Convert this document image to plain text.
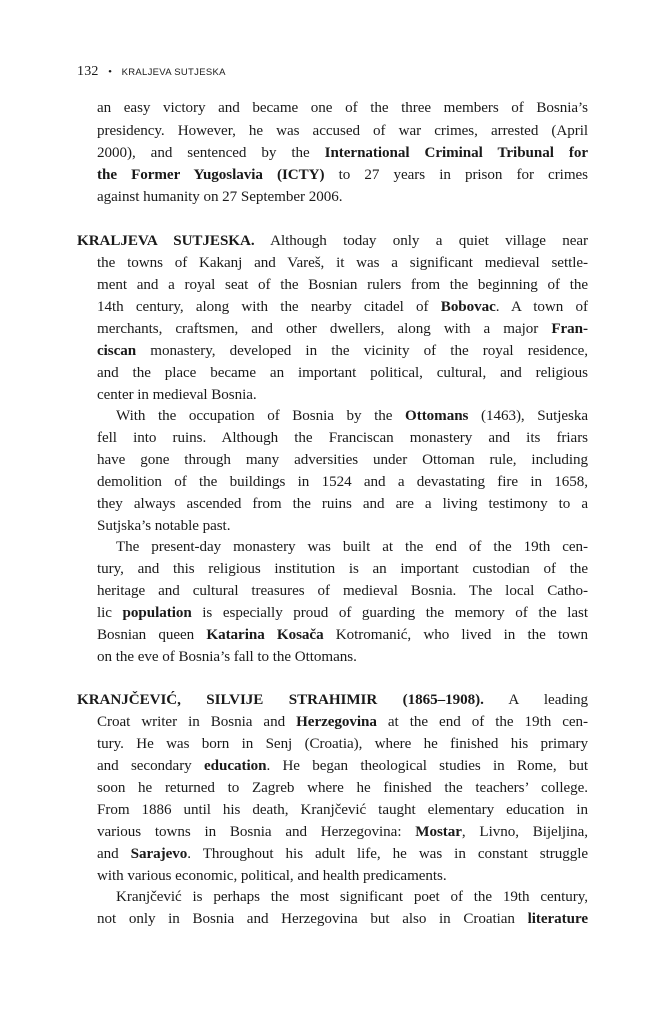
132 • KRALJEVA SUTJESKA
an easy victory and became one of the three members of Bosnia’s
presidency. However, he was accused of war crimes, arrested (April
2000), and sentenced by the International Criminal Tribunal for
the Former Yugoslavia (ICTY) to 27 years in prison for crimes
against humanity on 27 September 2006.
KRALJEVA SUTJESKA. Although today only a quiet village near
the towns of Kakanj and Vareš, it was a significant medieval settle-
ment and a royal seat of the Bosnian rulers from the beginning of the
14th century, along with the nearby citadel of Bobovac. A town of
merchants, craftsmen, and other dwellers, along with a major Fran-
ciscan monastery, developed in the vicinity of the royal residence,
and the place became an important political, cultural, and religious
center in medieval Bosnia.
With the occupation of Bosnia by the Ottomans (1463), Sutjeska
fell into ruins. Although the Franciscan monastery and its friars
have gone through many adversities under Ottoman rule, including
demolition of the buildings in 1524 and a devastating fire in 1658,
they always ascended from the ruins and are a living testimony to a
Sutjska’s notable past.
The present-day monastery was built at the end of the 19th cen-
tury, and this religious institution is an important custodian of the
heritage and cultural treasures of medieval Bosnia. The local Catho-
lic population is especially proud of guarding the memory of the last
Bosnian queen Katarina Kosača Kotromanić, who lived in the town
on the eve of Bosnia’s fall to the Ottomans.
KRANJČEVIĆ, SILVIJE STRAHIMIR (1865–1908). A leading
Croat writer in Bosnia and Herzegovina at the end of the 19th cen-
tury. He was born in Senj (Croatia), where he finished his primary
and secondary education. He began theological studies in Rome, but
soon he returned to Zagreb where he finished the teachers’ college.
From 1886 until his death, Kranjčević taught elementary education in
various towns in Bosnia and Herzegovina: Mostar, Livno, Bijeljina,
and Sarajevo. Throughout his adult life, he was in constant struggle
with various economic, political, and health predicaments.
Kranjčević is perhaps the most significant poet of the 19th century,
not only in Bosnia and Herzegovina but also in Croatian literature
